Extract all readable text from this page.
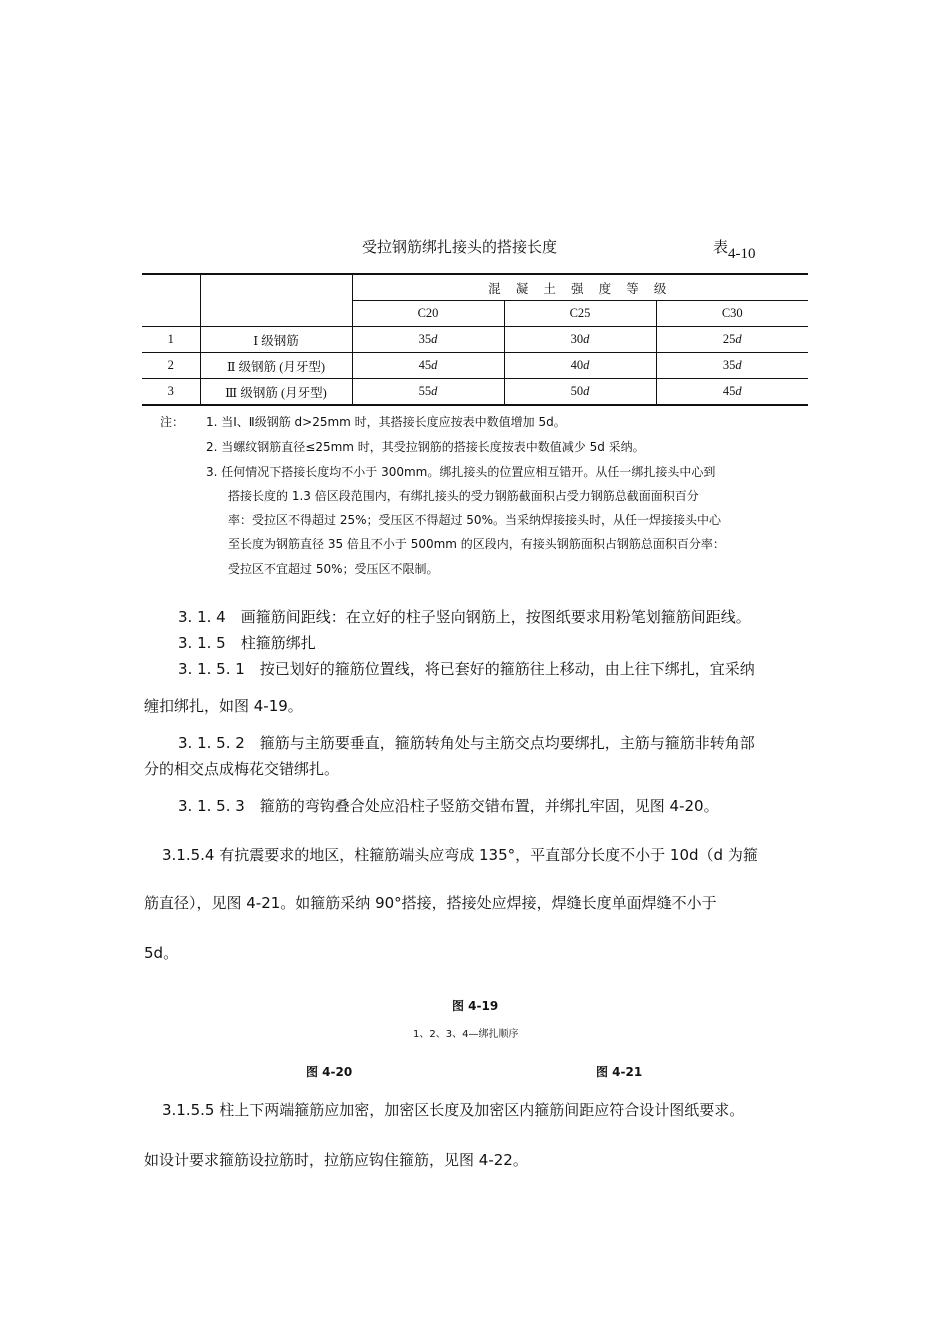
受拉钢筋绑扎接头的搭接长度	表4-10
		混 凝 土 强 度 等 级		
		C20	C25	C30
1	Ⅰ 级钢筋	35d	30d	25d
2	Ⅱ 级钢筋 (月牙型)	45d	40d	35d
3	Ⅲ 级钢筋 (月牙型)	55d	50d	45d
注： 1. 当Ⅰ、Ⅱ级钢筋 d>25mm 时，其搭接长度应按表中数值增加 5d。
2. 当螺纹钢筋直径≤25mm 时，其受拉钢筋的搭接长度按表中数值减少 5d 采纳。
3. 任何情况下搭接长度均不小于 300mm。绑扎接头的位置应相互错开。从任一绑扎接头中心到
搭接长度的 1.3 倍区段范围内，有绑扎接头的受力钢筋截面积占受力钢筋总截面面积百分
率：受拉区不得超过 25%；受压区不得超过 50%。当采纳焊接接头时，从任一焊接接头中心
至长度为钢筋直径 35 倍且不小于 500mm 的区段内，有接头钢筋面积占钢筋总面积百分率：
受拉区不宜超过 50%；受压区不限制。
3. 1. 4　画箍筋间距线：在立好的柱子竖向钢筋上，按图纸要求用粉笔划箍筋间距线。
3. 1. 5　柱箍筋绑扎
3. 1. 5. 1　按已划好的箍筋位置线，将已套好的箍筋往上移动，由上往下绑扎，宜采纳
缠扣绑扎，如图 4-19。
3. 1. 5. 2　箍筋与主筋要垂直，箍筋转角处与主筋交点均要绑扎，主筋与箍筋非转角部
分的相交点成梅花交错绑扎。
3. 1. 5. 3　箍筋的弯钩叠合处应沿柱子竖筋交错布置，并绑扎牢固，见图 4-20。
3.1.5.4 有抗震要求的地区，柱箍筋端头应弯成 135°，平直部分长度不小于 10d（d 为箍
筋直径），见图 4-21。如箍筋采纳 90°搭接，搭接处应焊接，焊缝长度单面焊缝不小于
5d。
图 4-19
1、2、3、4—绑扎顺序
图 4-20	图 4-21
3.1.5.5 柱上下两端箍筋应加密，加密区长度及加密区内箍筋间距应符合设计图纸要求。
如设计要求箍筋设拉筋时，拉筋应钩住箍筋，见图 4-22。
